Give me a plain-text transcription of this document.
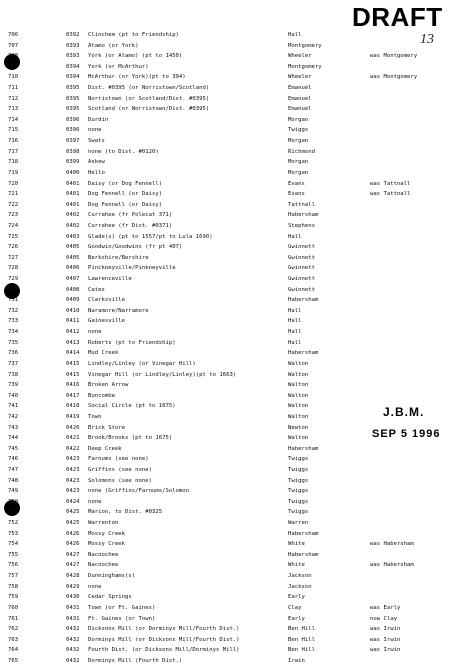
DRAFT
13
706	0392 Clinchem (pt to Friendship)	Hall
707	0393 Atamo (or York)	Montgomery
708	0393 York (or Atamo) (pt to 1450)	Wheeler	was Montgomery
709	0394 York (or McArthur)	Montgomery
710	0394 McArthur (or York)(pt to 394)	Wheeler	was Montgomery
711	0395 Dist. #0395 (or Norristown/Scotland)	Emanuel
712	0395 Norristown (or Scotland/Dist. #0395)	Emanuel
713	0395 Scotland (or Norristown/Dist. #0395)	Emanuel
714	0396 Durdin	Morgan
715	0396 none	Twiggs
716	0397 Swats	Morgan
717	0398 none (to Dist. #0120)	Richmond
718	0399 Askew	Morgan
719	0400 Hello	Morgan
720	0401 Daisy (or Dog Fennell)	Evans	was Tattnall
721	0401 Dog Fennell (or Daisy)	Evans	was Tattnall
722	0401 Dog Fennell (or Daisy)	Tattnall
723	0402 Currahee (fr Polecat 371)	Habersham
724	0402 Currahee (fr Dist. #0371)	Stephens
725	0403 Glade(s) (pt to 1557/pt to Lula 1690)	Hall
726	0405 Goodwin/Goodwins (fr pt 407)	Gwinnett
727	0405 Berkshire/Bershire	Gwinnett
728	0406 Pinckneyville/Pinkneyville	Gwinnett
729	0407 Lawrenceville	Gwinnett
730	0408 Cates	Gwinnett
731	0409 Clarksville	Habersham
732	0410 Naramore/Narramore	Hall
733	0411 Gainesville	Hall
734	0412 none	Hall
735	0413 Roberts (pt to Friendship)	Hall
736	0414 Mud Creek	Habersham
737	0415 Lindley/Linley (or Vinegar Hill)	Walton
738	0415 Vinegar Hill (or Lindley/Linley)(pt to 1663)	Walton
739	0416 Broken Arrow	Walton
740	0417 Buncombe	Walton
741	0418 Social Circle (pt to 1675)	Walton
742	0419 Town	Walton
743	0420 Brick Store	Newton
744	0421 Brook/Brooks (pt to 1675)	Walton
745	0422 Deep Creek	Habersham
746	0423 Farnums (see none)	Twiggs
747	0423 Griffins (see none)	Twiggs
748	0423 Solomons (see none)	Twiggs
749	0423 none (Griffins/Farnums/Solomon	Twiggs
750	0424 none	Twiggs
751	0425 Marion, to Dist. #0325	Twiggs
752	0425 Warrenton	Warren
753	0426 Mossy Creek	Habersham
754	0426 Mossy Creek	White	was Habersham
755	0427 Nacoochee	Habersham
756	0427 Nacoochee	White	was Habersham
757	0428 Dunninghams(s)	Jackson
758	0429 none	Jackson
759	0430 Cedar Springs	Early
760	0431 Town (or Ft. Gaines)	Clay	was Early
761	0431 Ft. Gaines (or Town)	Early	now Clay
762	0432 Dicksons Mill (or Dorminys Mill/Fourth Dist.)	Ben Hill	was Irwin
763	0432 Dorminys Mill (or Dicksons Mill/Fourth Dist.)	Ben Hill	was Irwin
764	0432 Fourth Dist. (or Dicksons Mill/Dorminys Mill)	Ben Hill	was Irwin
765	0432 Dorminys Mill (Fourth Dist.)	Irwin
J.B.M.
SEP 5 1996
